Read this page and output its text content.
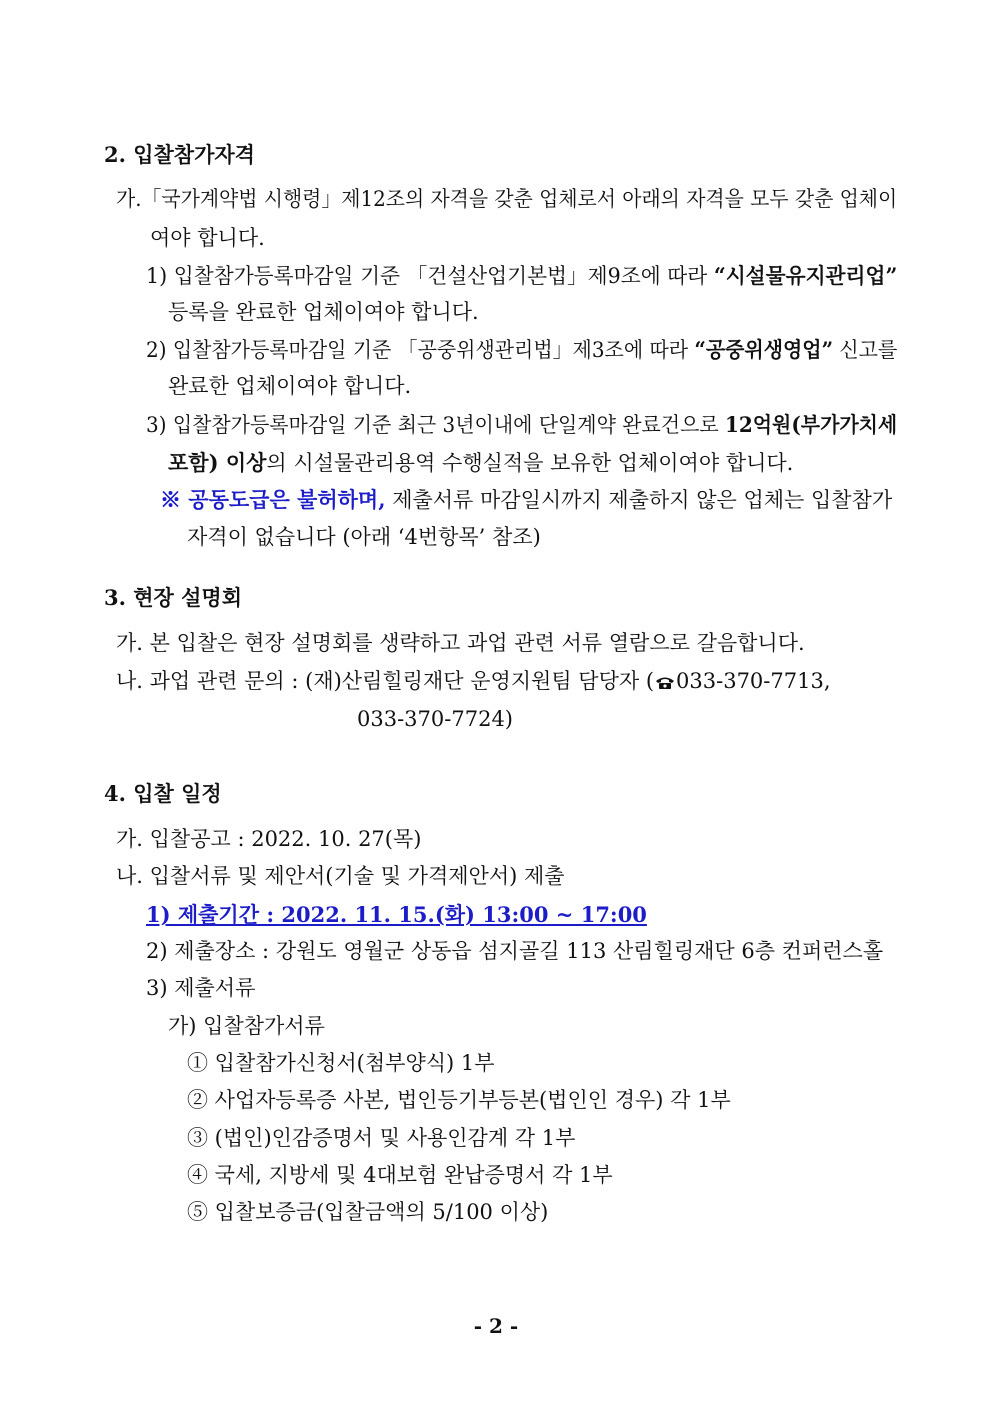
2. 입찰참가자격
가.「국가계약법 시행령」제12조의 자격을 갖춘 업체로서 아래의 자격을 모두 갖춘 업체이
여야 합니다.
1) 입찰참가등록마감일 기준 「건설산업기본법」제9조에 따라 “시설물유지관리업”
등록을 완료한 업체이여야 합니다.
2) 입찰참가등록마감일 기준 「공중위생관리법」제3조에 따라 “공중위생영업” 신고를
완료한 업체이여야 합니다.
3) 입찰참가등록마감일 기준 최근 3년이내에 단일계약 완료건으로 12억원(부가가치세
포함) 이상의 시설물관리용역 수행실적을 보유한 업체이여야 합니다.
※ 공동도급은 불허하며, 제출서류 마감일시까지 제출하지 않은 업체는 입찰참가
자격이 없습니다 (아래 ‘4번항목’ 참조)
3. 현장 설명회
가. 본 입찰은 현장 설명회를 생략하고 과업 관련 서류 열람으로 갈음합니다.
나. 과업 관련 문의 : (재)산림힐링재단 운영지원팀 담당자 ( 033-370-7713,
033-370-7724)
4. 입찰 일정
가. 입찰공고 : 2022. 10. 27(목)
나. 입찰서류 및 제안서(기술 및 가격제안서) 제출
1) 제출기간 : 2022. 11. 15.(화) 13:00 ~ 17:00
2) 제출장소 : 강원도 영월군 상동읍 섬지골길 113 산림힐링재단 6층 컨퍼런스홀
3) 제출서류
가) 입찰참가서류
① 입찰참가신청서(첨부양식) 1부
② 사업자등록증 사본, 법인등기부등본(법인인 경우) 각 1부
③ (법인)인감증명서 및 사용인감계 각 1부
④ 국세, 지방세 및 4대보험 완납증명서 각 1부
⑤ 입찰보증금(입찰금액의 5/100 이상)
- 2 -
